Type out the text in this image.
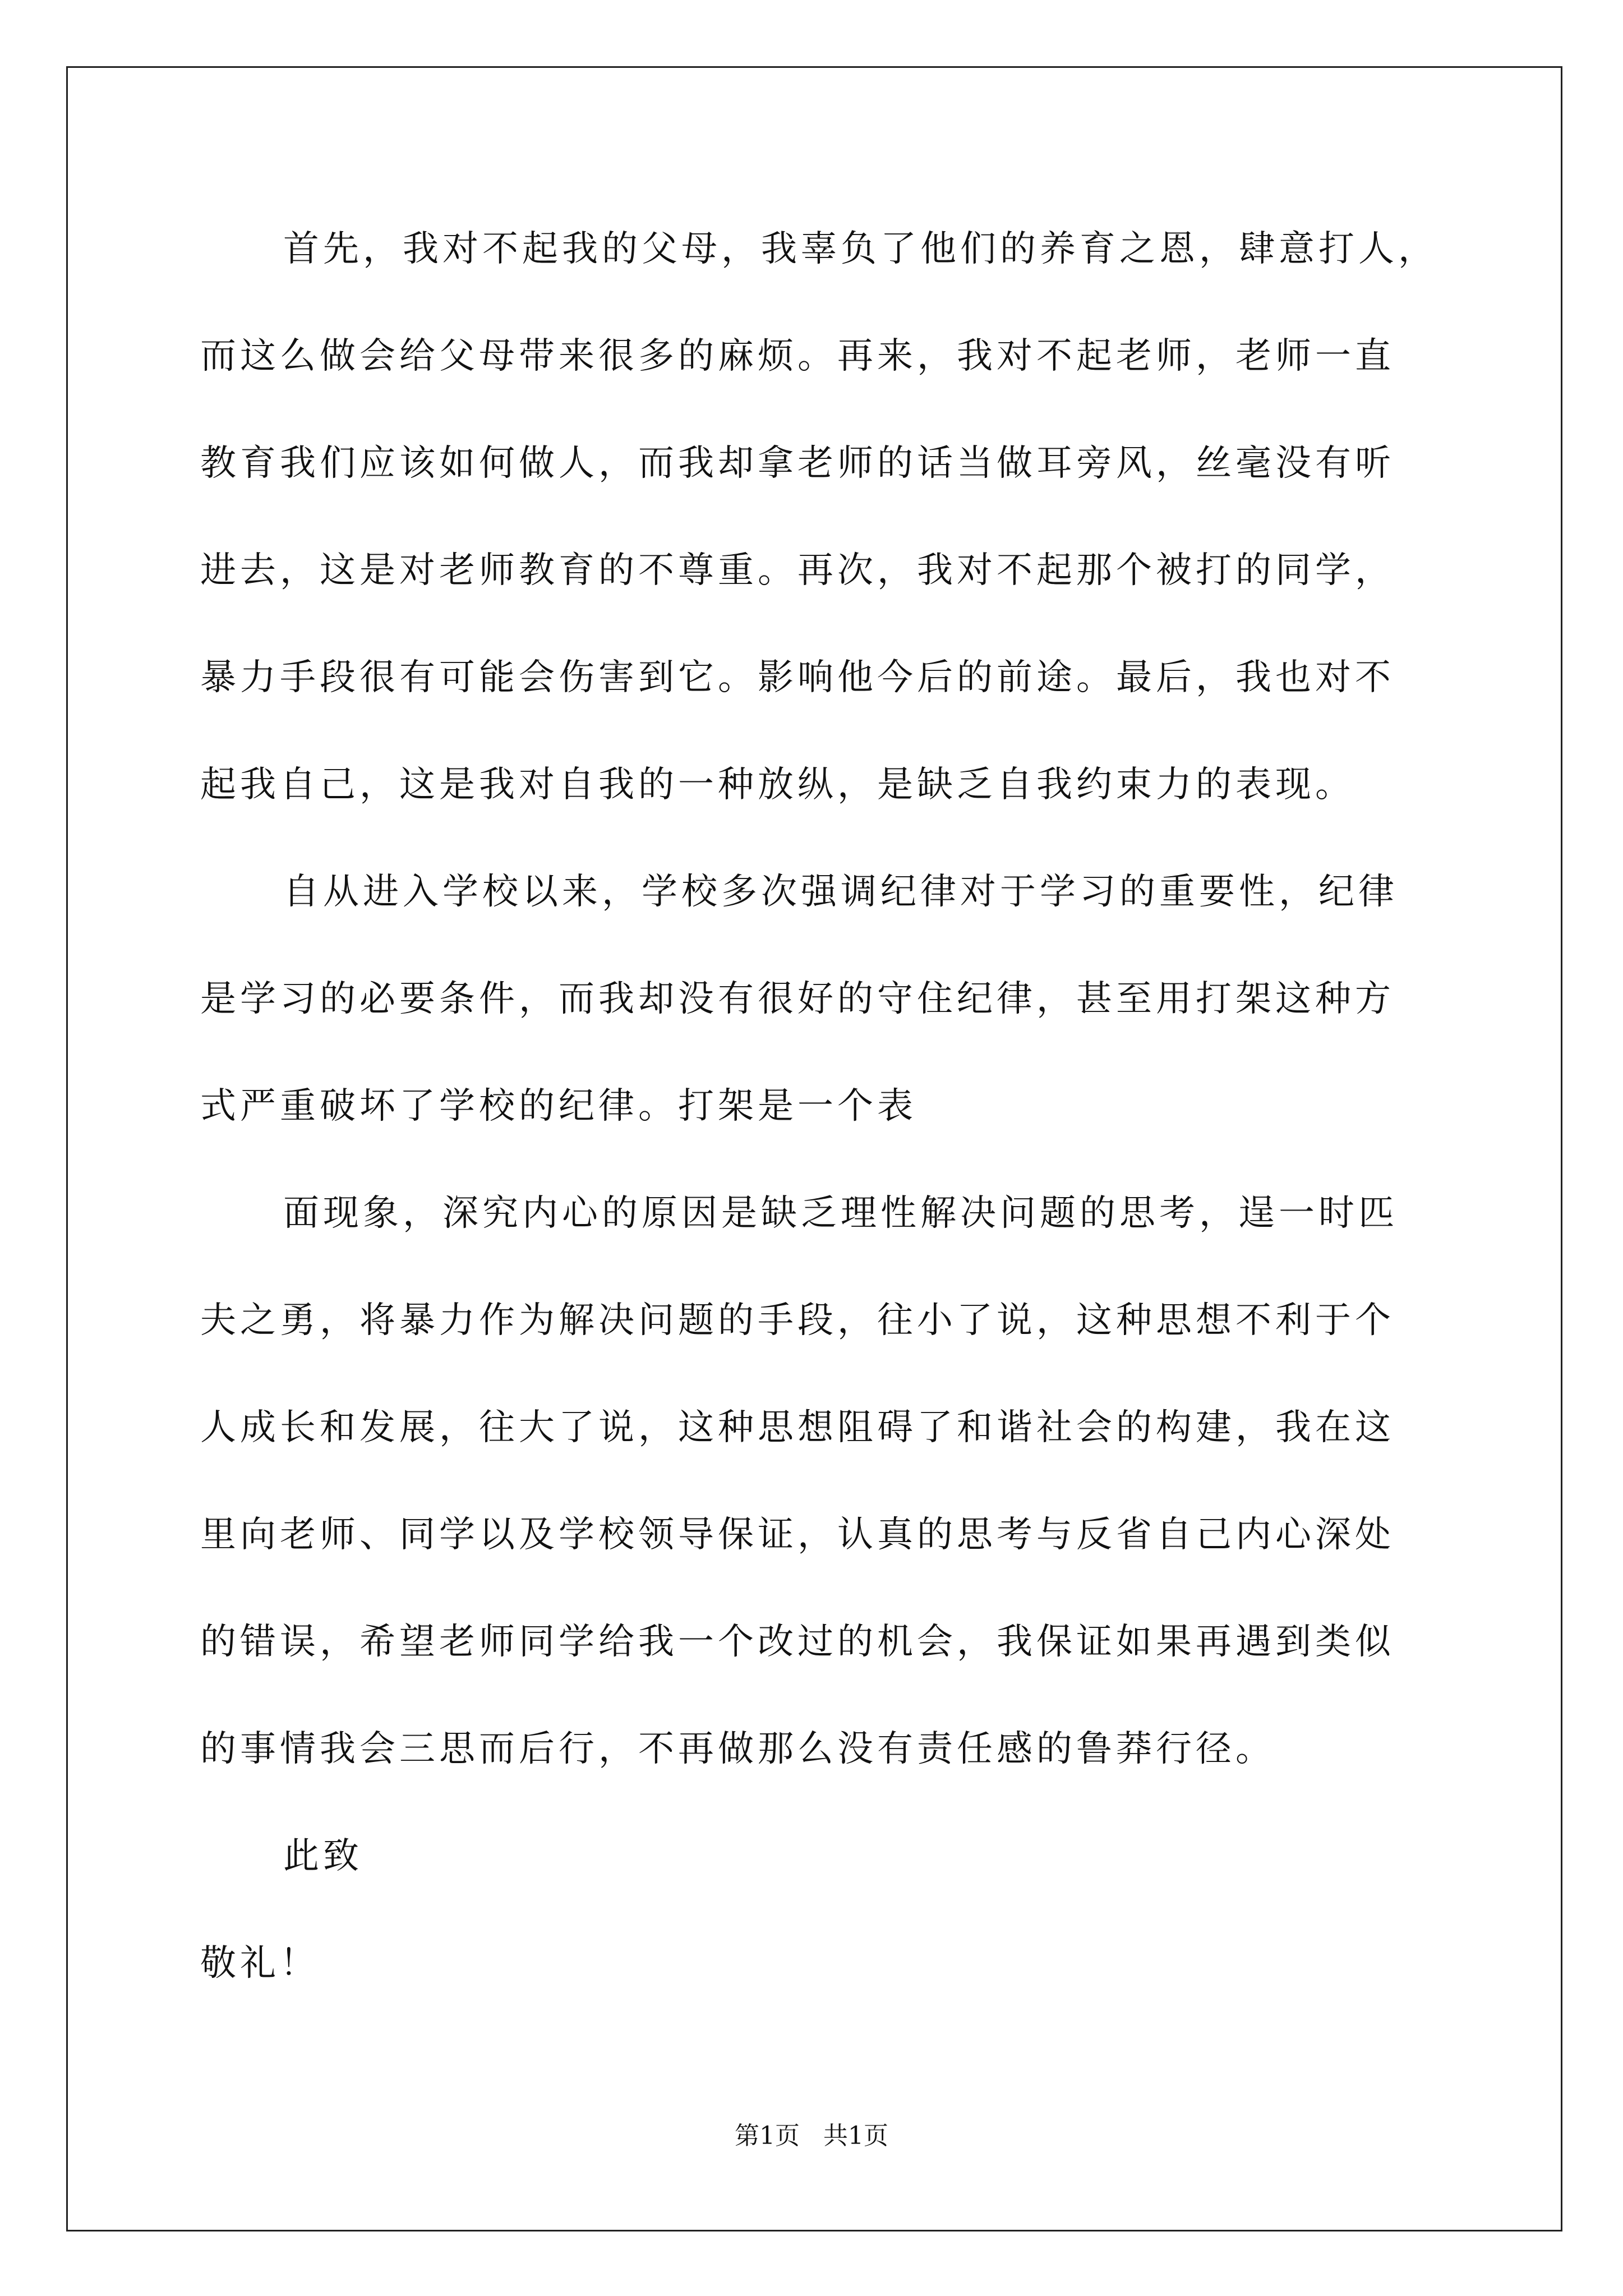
首先，我对不起我的父母，我辜负了他们的养育之恩，肆意打人，
而这么做会给父母带来很多的麻烦。再来，我对不起老师，老师一直
教育我们应该如何做人，而我却拿老师的话当做耳旁风，丝毫没有听
进去，这是对老师教育的不尊重。再次，我对不起那个被打的同学，
暴力手段很有可能会伤害到它。影响他今后的前途。最后，我也对不
起我自己，这是我对自我的一种放纵，是缺乏自我约束力的表现。
自从进入学校以来，学校多次强调纪律对于学习的重要性，纪律
是学习的必要条件，而我却没有很好的守住纪律，甚至用打架这种方
式严重破坏了学校的纪律。打架是一个表
面现象，深究内心的原因是缺乏理性解决问题的思考，逞一时匹
夫之勇，将暴力作为解决问题的手段，往小了说，这种思想不利于个
人成长和发展，往大了说，这种思想阻碍了和谐社会的构建，我在这
里向老师、同学以及学校领导保证，认真的思考与反省自己内心深处
的错误，希望老师同学给我一个改过的机会，我保证如果再遇到类似
的事情我会三思而后行，不再做那么没有责任感的鲁莽行径。
此致
敬礼！
第1页   共1页
